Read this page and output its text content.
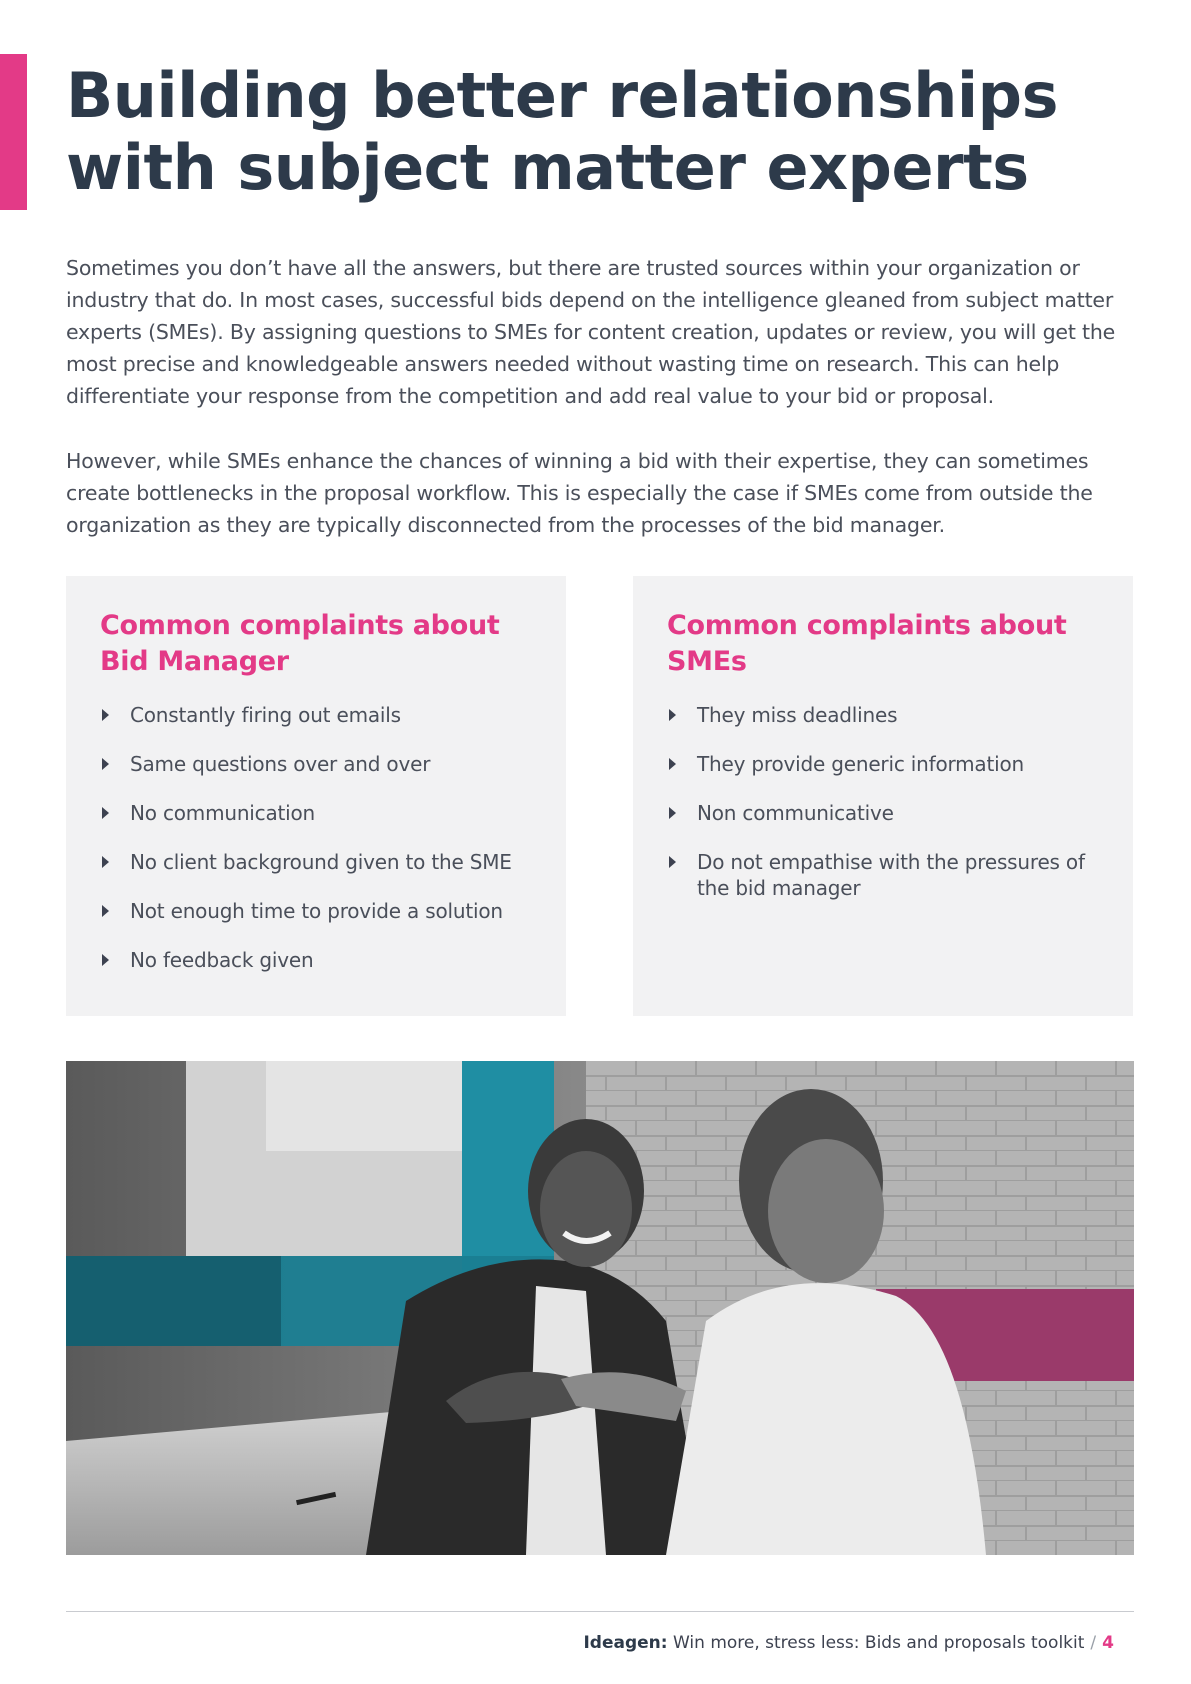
Building better relationships with subject matter experts

Sometimes you don’t have all the answers, but there are trusted sources within your organization or industry that do. In most cases, successful bids depend on the intelligence gleaned from subject matter experts (SMEs). By assigning questions to SMEs for content creation, updates or review, you will get the most precise and knowledgeable answers needed without wasting time on research. This can help differentiate your response from the competition and add real value to your bid or proposal.

However, while SMEs enhance the chances of winning a bid with their expertise, they can sometimes create bottlenecks in the proposal workflow. This is especially the case if SMEs come from outside the organization as they are typically disconnected from the processes of the bid manager.

Common complaints about
Bid Manager
Constantly firing out emails
Same questions over and over
No communication
No client background given to the SME
Not enough time to provide a solution
No feedback given
Common complaints about
SMEs
They miss deadlines
They provide generic information
Non communicative
Do not empathise with the pressures of the bid manager

Ideagen: Win more, stress less: Bids and proposals toolkit / 4
